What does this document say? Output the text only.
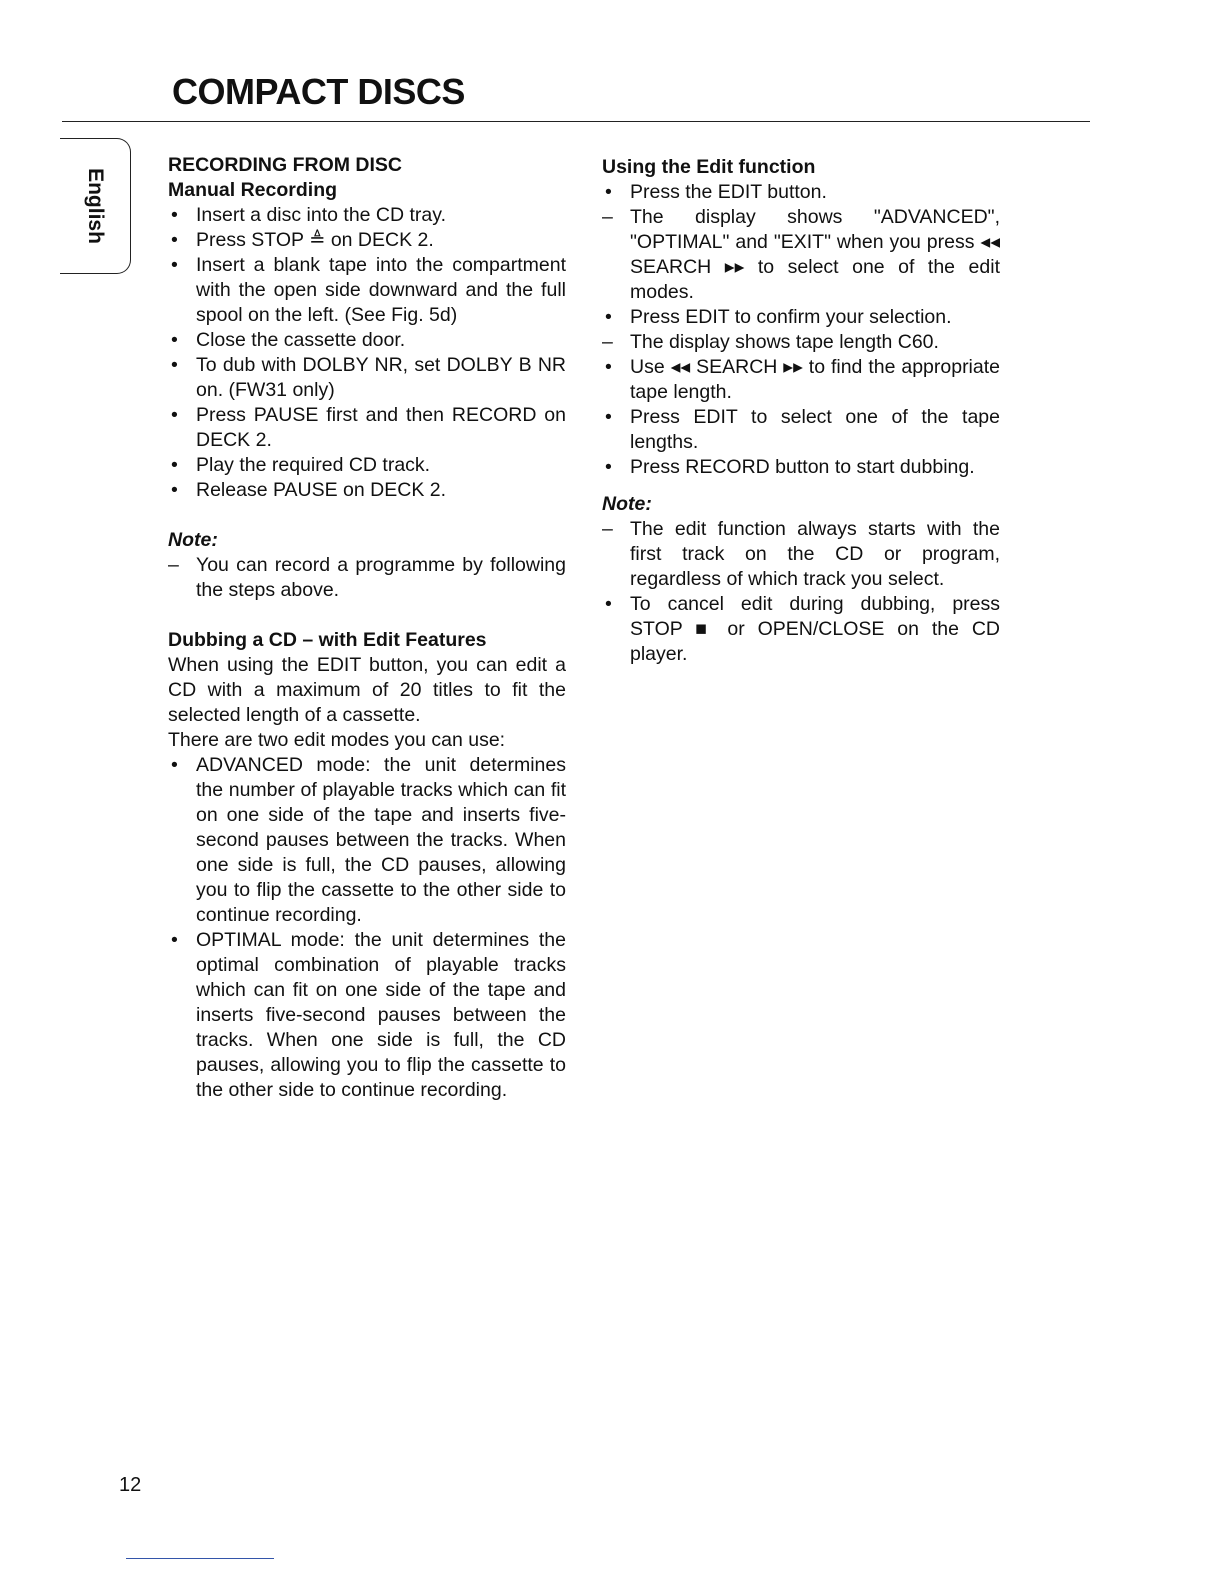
COMPACT DISCS
English

RECORDING FROM DISC

Manual Recording

• Insert a disc into the CD tray.
• Press STOP ≜ on DECK 2.
• Insert a blank tape into the compartment with the open side downward and the full spool on the left. (See Fig. 5d)
• Close the cassette door.
• To dub with DOLBY NR, set DOLBY B NR on. (FW31 only)
• Press PAUSE first and then RECORD on DECK 2.
• Play the required CD track.
• Release PAUSE on DECK 2.

Note:

– You can record a programme by following the steps above.

Dubbing a CD – with Edit Features

When using the EDIT button, you can edit a CD with a maximum of 20 titles to fit the selected length of a cassette.

There are two edit modes you can use:

• ADVANCED mode: the unit determines the number of playable tracks which can fit on one side of the tape and inserts five-second pauses between the tracks. When one side is full, the CD pauses, allowing you to flip the cassette to the other side to continue recording.
• OPTIMAL mode: the unit determines the optimal combination of playable tracks which can fit on one side of the tape and inserts five-second pauses between the tracks. When one side is full, the CD pauses, allowing you to flip the cassette to the other side to continue recording.

Using the Edit function

• Press the EDIT button.
– The display shows "ADVANCED", "OPTIMAL" and "EXIT" when you press ◂◂ SEARCH ▸▸ to select one of the edit modes.
• Press EDIT to confirm your selection.
– The display shows tape length C60.
• Use ◂◂ SEARCH ▸▸ to find the appropriate tape length.
• Press EDIT to select one of the tape lengths.
• Press RECORD button to start dubbing.

Note:

– The edit function always starts with the first track on the CD or program, regardless of which track you select.
• To cancel edit during dubbing, press STOP ■ or OPEN/CLOSE on the CD player.
12
